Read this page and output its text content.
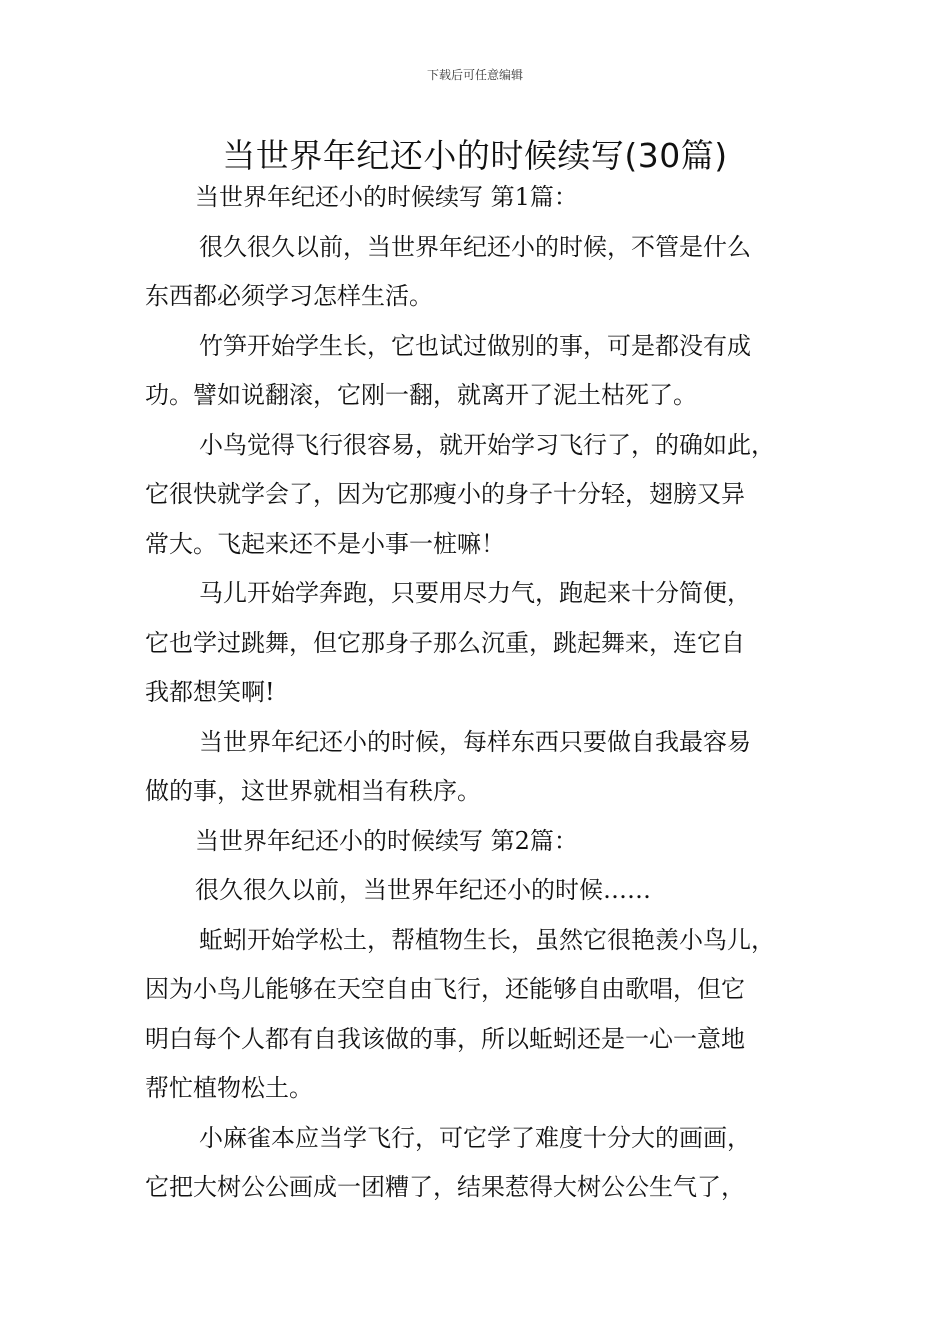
下载后可任意编辑
当世界年纪还小的时候续写(30篇)
当世界年纪还小的时候续写 第1篇：
很久很久以前，当世界年纪还小的时候，不管是什么
东西都必须学习怎样生活。
竹笋开始学生长，它也试过做别的事，可是都没有成
功。譬如说翻滚，它刚一翻，就离开了泥土枯死了。
小鸟觉得飞行很容易，就开始学习飞行了，的确如此，
它很快就学会了，因为它那瘦小的身子十分轻，翅膀又异
常大。飞起来还不是小事一桩嘛！
马儿开始学奔跑，只要用尽力气，跑起来十分简便，
它也学过跳舞，但它那身子那么沉重，跳起舞来，连它自
我都想笑啊!
当世界年纪还小的时候，每样东西只要做自我最容易
做的事，这世界就相当有秩序。
当世界年纪还小的时候续写 第2篇：
很久很久以前，当世界年纪还小的时候……
蚯蚓开始学松土，帮植物生长，虽然它很艳羡小鸟儿，
因为小鸟儿能够在天空自由飞行，还能够自由歌唱，但它
明白每个人都有自我该做的事，所以蚯蚓还是一心一意地
帮忙植物松土。
小麻雀本应当学飞行，可它学了难度十分大的画画，
它把大树公公画成一团糟了，结果惹得大树公公生气了，
